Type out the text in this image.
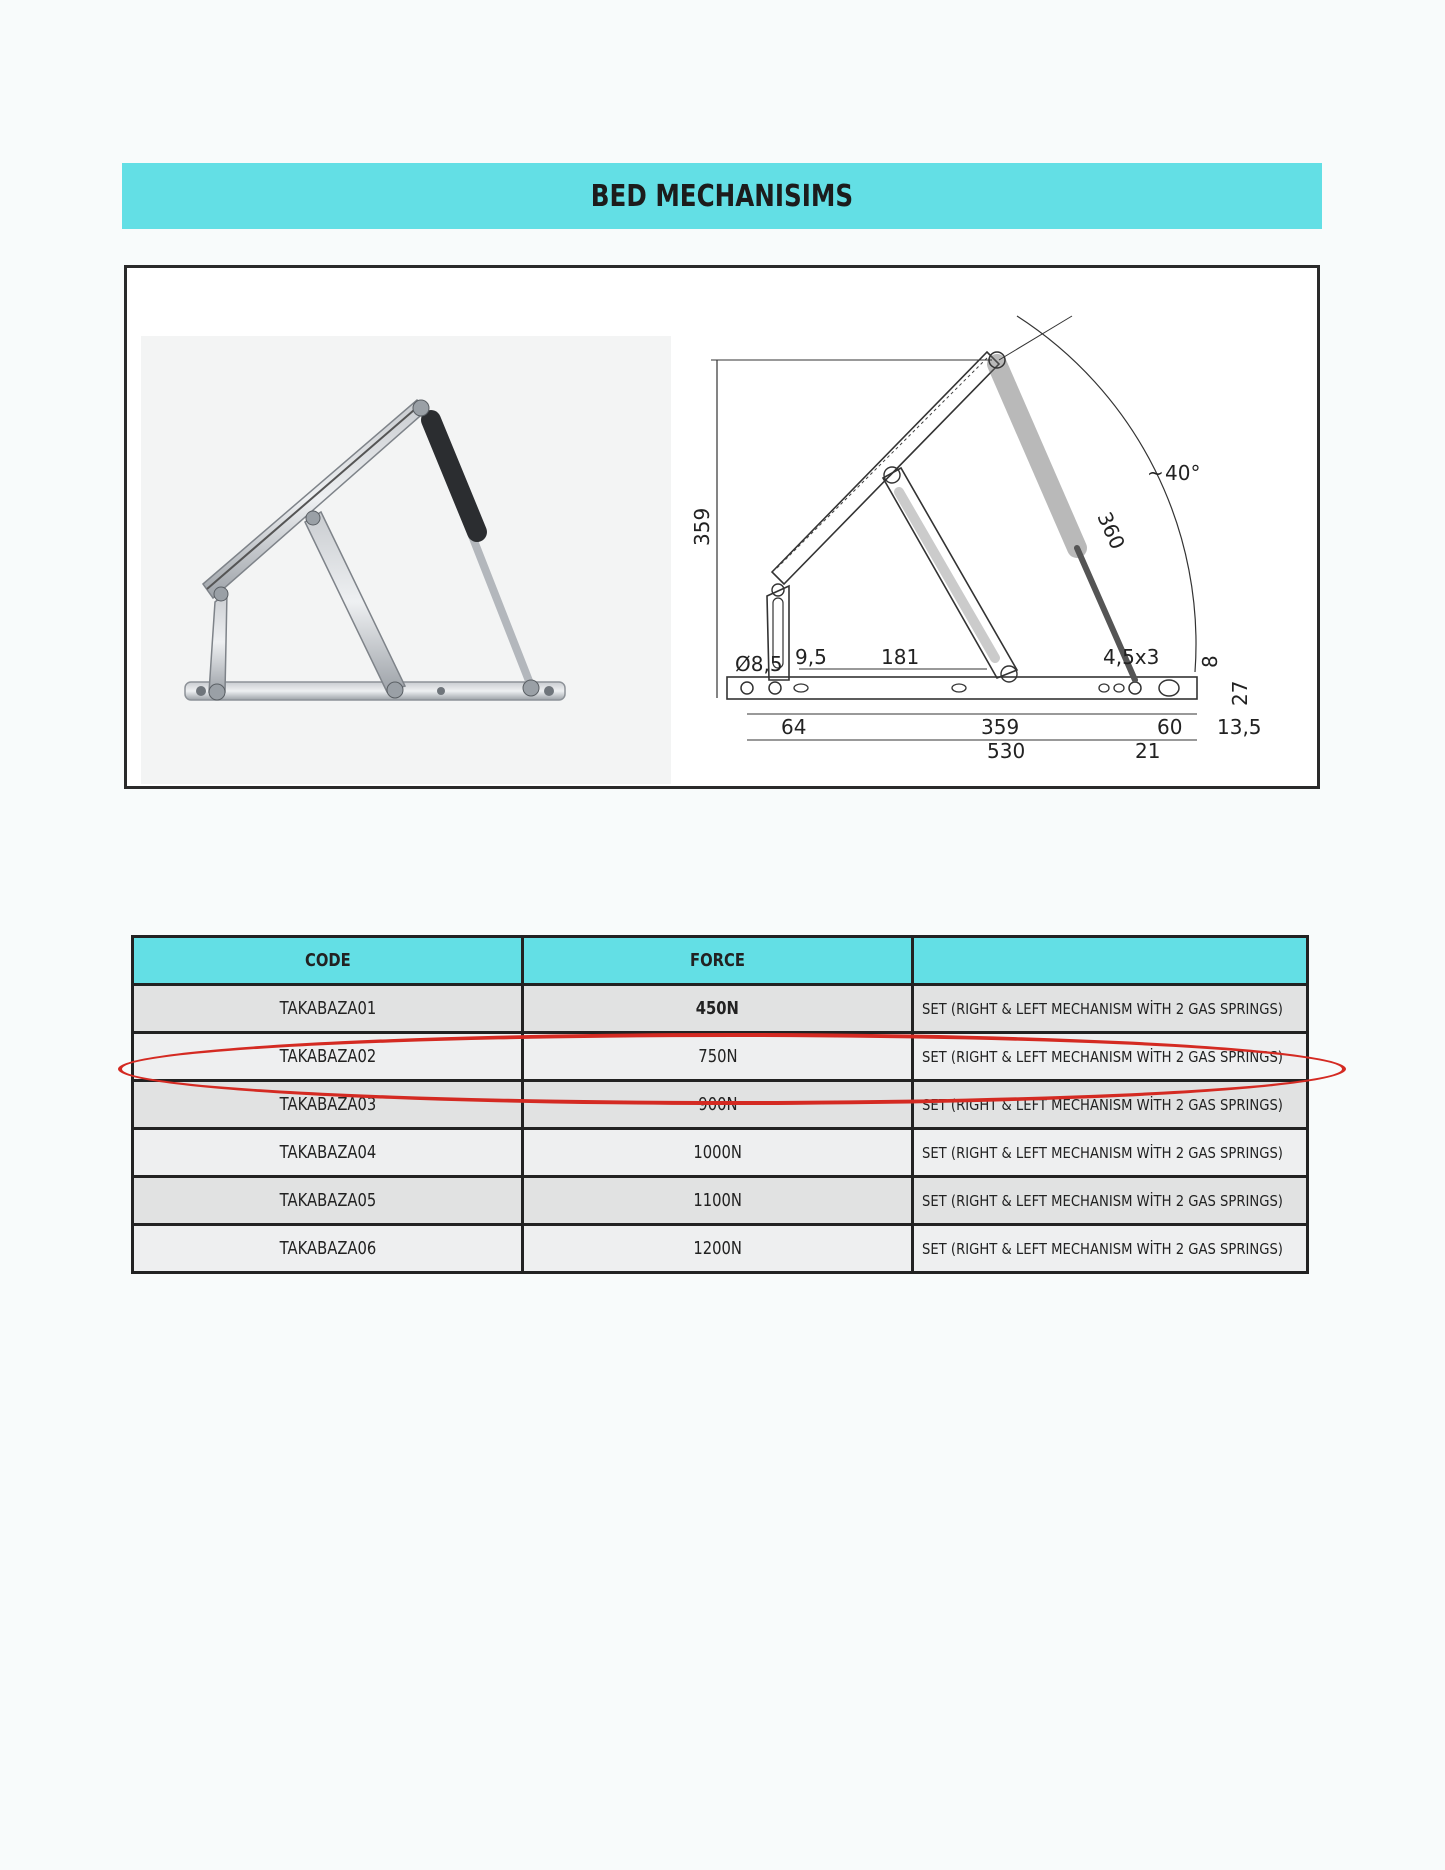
BED MECHANISIMS
359	360
40°
~
Ø8,5 9,5	181	4,5x3 8
27
64	359	60 13,5
530	21
CODE	FORCE	
TAKABAZA01	450N	SET (RIGHT & LEFT MECHANISM WİTH 2 GAS SPRINGS)
TAKABAZA02	750N	SET (RIGHT & LEFT MECHANISM WİTH 2 GAS SPRINGS)
TAKABAZA03	900N	SET (RIGHT & LEFT MECHANISM WİTH 2 GAS SPRINGS)
TAKABAZA04	1000N	SET (RIGHT & LEFT MECHANISM WİTH 2 GAS SPRINGS)
TAKABAZA05	1100N	SET (RIGHT & LEFT MECHANISM WİTH 2 GAS SPRINGS)
TAKABAZA06	1200N	SET (RIGHT & LEFT MECHANISM WİTH 2 GAS SPRINGS)
